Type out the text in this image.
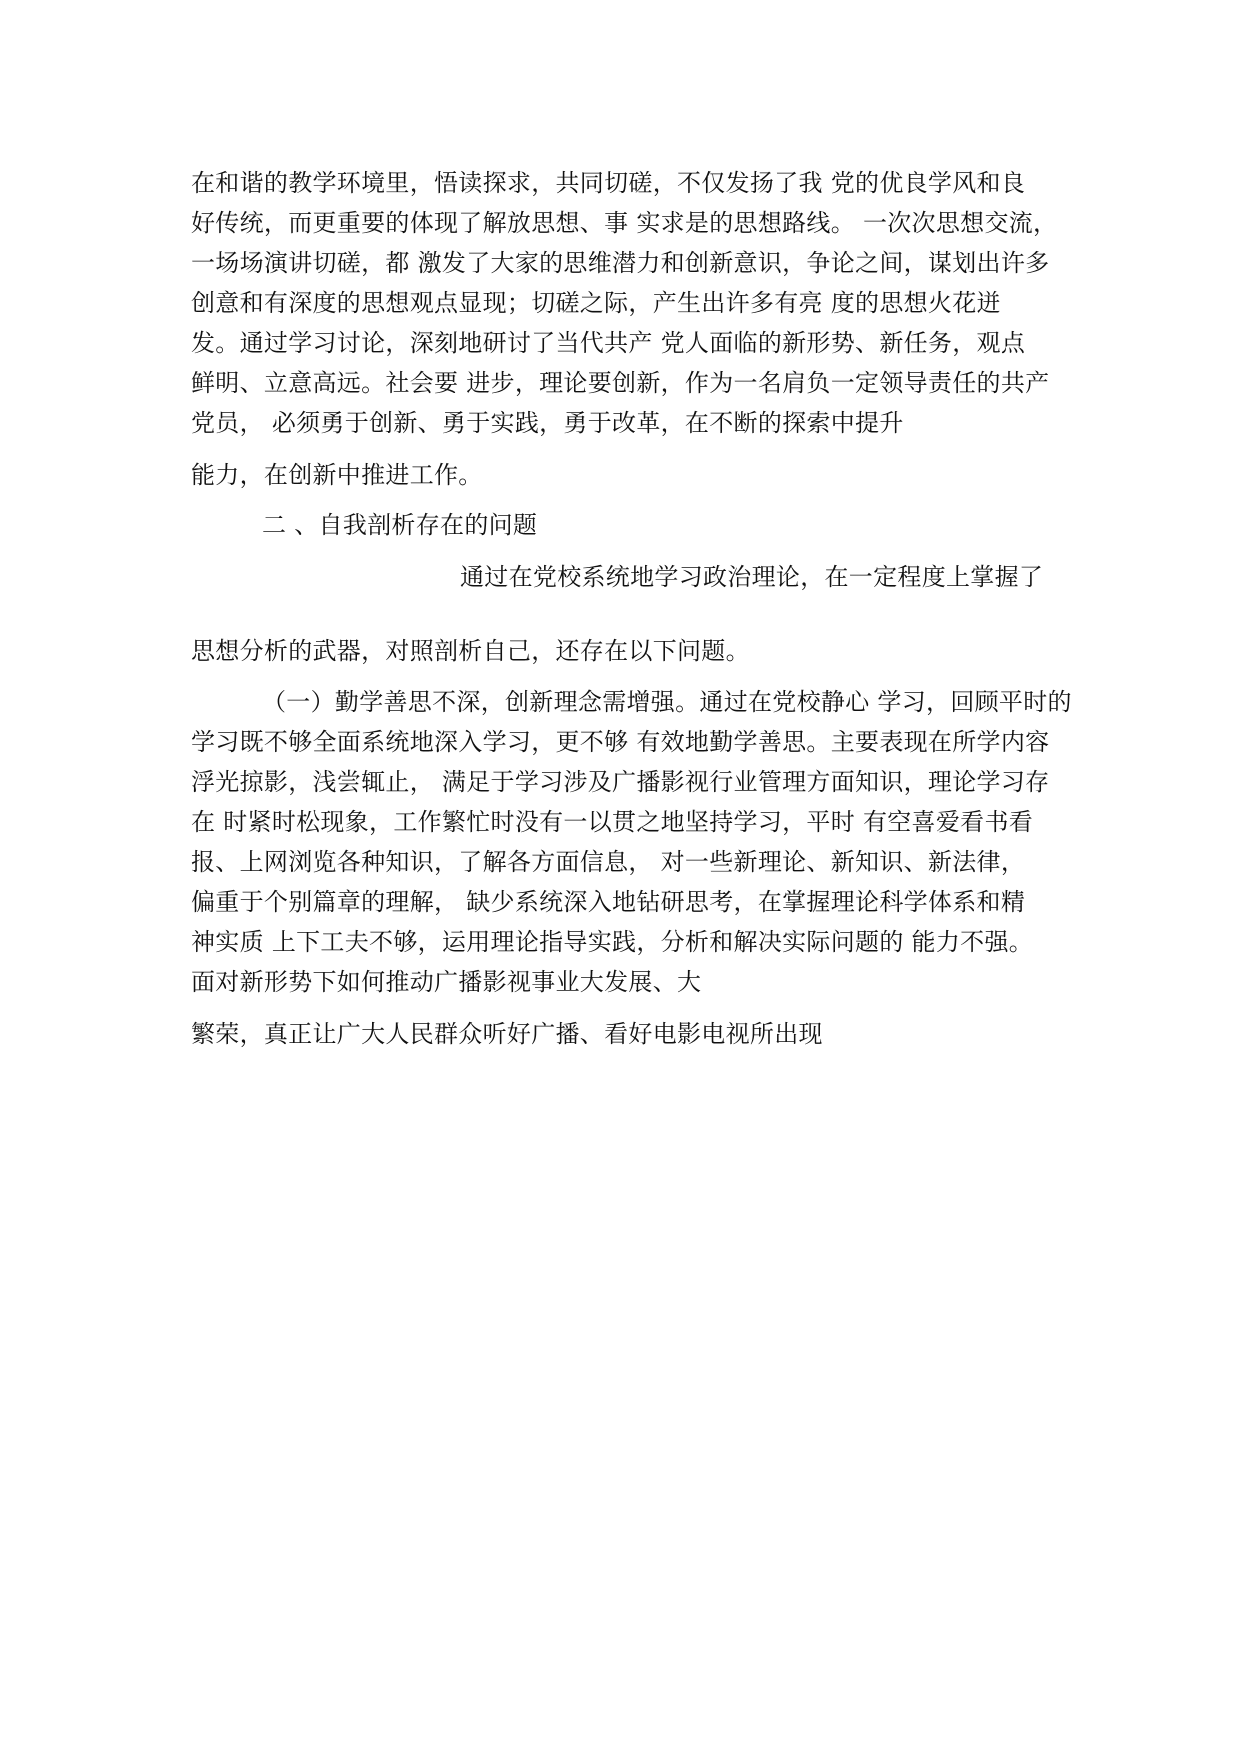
在和谐的教学环境里，悟读探求，共同切磋，不仅发扬了我 党的优良学风和良
好传统，而更重要的体现了解放思想、事 实求是的思想路线。 一次次思想交流，
一场场演讲切磋，都 激发了大家的思维潜力和创新意识，争论之间，谋划出许多
创意和有深度的思想观点显现；切磋之际，产生出许多有亮 度的思想火花迸
发。通过学习讨论，深刻地研讨了当代共产 党人面临的新形势、新任务，观点
鲜明、立意高远。社会要 进步，理论要创新，作为一名肩负一定领导责任的共产
党员， 必须勇于创新、勇于实践，勇于改革，在不断的探索中提升
能力，在创新中推进工作。
二 、自我剖析存在的问题
通过在党校系统地学习政治理论，在一定程度上掌握了
思想分析的武器，对照剖析自己，还存在以下问题。
（一）勤学善思不深，创新理念需增强。通过在党校静心 学习，回顾平时的
学习既不够全面系统地深入学习，更不够 有效地勤学善思。主要表现在所学内容
浮光掠影，浅尝辄止， 满足于学习涉及广播影视行业管理方面知识，理论学习存
在 时紧时松现象，工作繁忙时没有一以贯之地坚持学习，平时 有空喜爱看书看
报、上网浏览各种知识，了解各方面信息， 对一些新理论、新知识、新法律，
偏重于个别篇章的理解， 缺少系统深入地钻研思考，在掌握理论科学体系和精
神实质 上下工夫不够，运用理论指导实践，分析和解决实际问题的 能力不强。
面对新形势下如何推动广播影视事业大发展、大
繁荣，真正让广大人民群众听好广播、看好电影电视所出现
